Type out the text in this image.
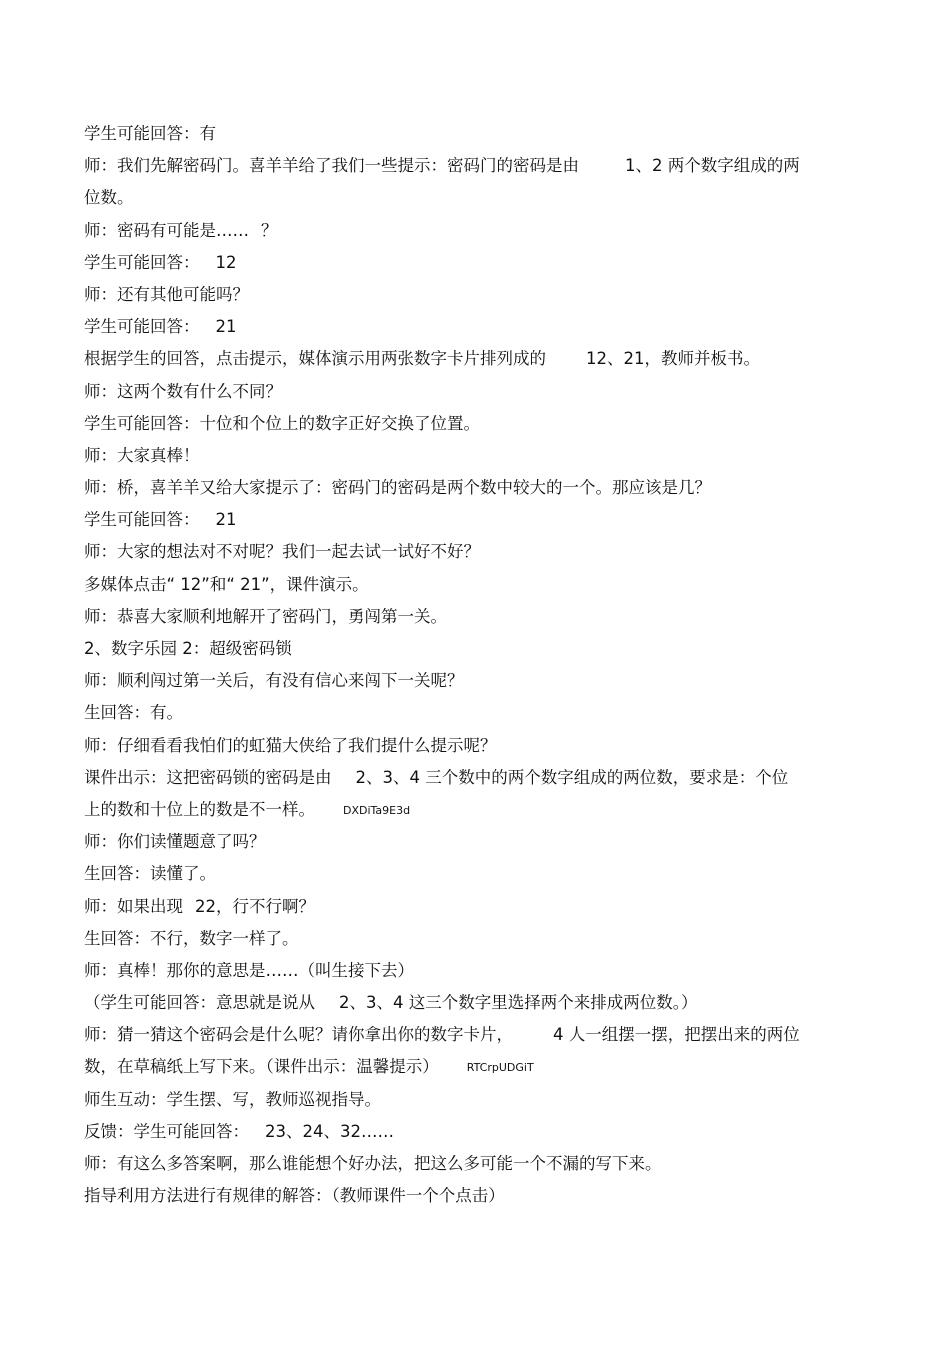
学生可能回答：有
师：我们先解密码门。喜羊羊给了我们一些提示：密码门的密码是由	1、2 两个数字组成的两
位数。
师：密码有可能是…… ？
学生可能回答： 12
师：还有其他可能吗？
学生可能回答： 21
根据学生的回答，点击提示，媒体演示用两张数字卡片排列成的 12、21，教师并板书。
师：这两个数有什么不同？
学生可能回答：十位和个位上的数字正好交换了位置。
师：大家真棒！
师：桥，喜羊羊又给大家提示了：密码门的密码是两个数中较大的一个。那应该是几？
学生可能回答： 21
师：大家的想法对不对呢？我们一起去试一试好不好？
多媒体点击“ 12”和“ 21”，课件演示。
师：恭喜大家顺利地解开了密码门，勇闯第一关。
2、数字乐园 2：超级密码锁
师：顺利闯过第一关后，有没有信心来闯下一关呢？
生回答：有。
师：仔细看看我怕们的虹猫大侠给了我们提什么提示呢？
课件出示：这把密码锁的密码是由 2、3、4 三个数中的两个数字组成的两位数，要求是：个位
上的数和十位上的数是不一样。	DXDiTa9E3d
师：你们读懂题意了吗？
生回答：读懂了。
师：如果出现 22，行不行啊？
生回答：不行，数字一样了。
师：真棒！那你的意思是……（叫生接下去）
（学生可能回答：意思就是说从 2、3、4 这三个数字里选择两个来排成两位数。）
师：猜一猜这个密码会是什么呢？请你拿出你的数字卡片， 4 人一组摆一摆，把摆出来的两位
数，在草稿纸上写下来。（课件出示：温馨提示）	RTCrpUDGiT
师生互动：学生摆、写，教师巡视指导。
反馈：学生可能回答： 23、24、32……
师：有这么多答案啊，那么谁能想个好办法，把这么多可能一个不漏的写下来。
指导利用方法进行有规律的解答：（教师课件一个个点击）
